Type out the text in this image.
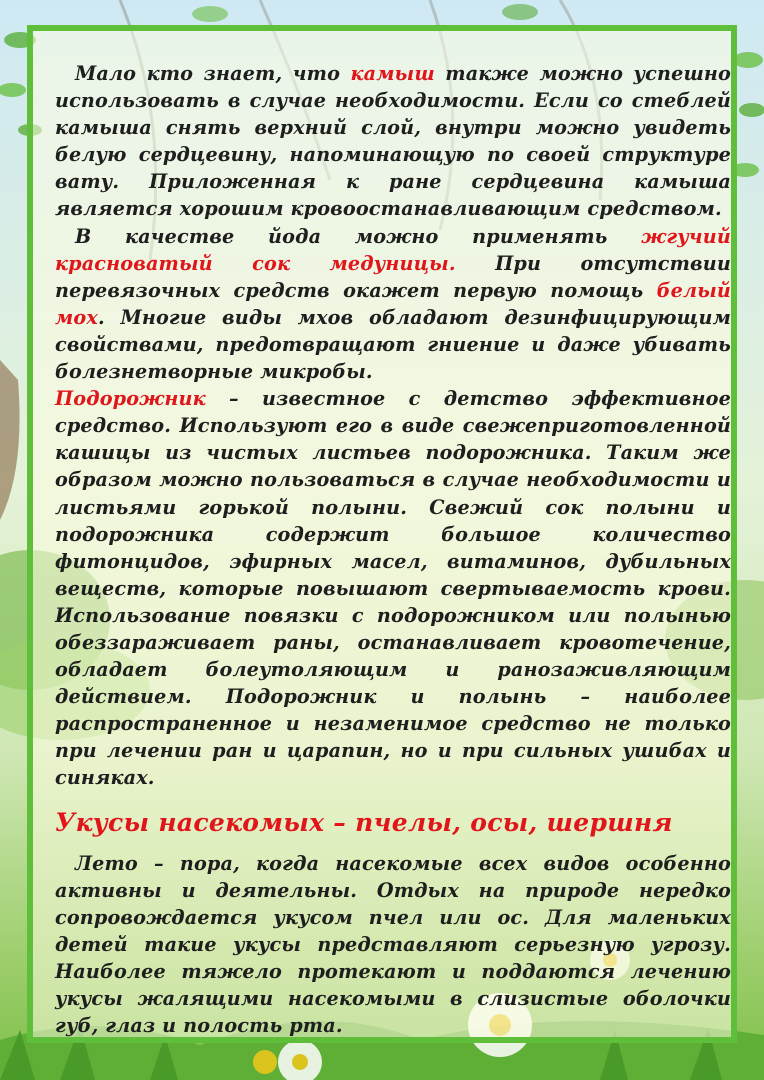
Мало кто знает, что камыш также можно успешно использовать в случае необходимости. Если со стеблей камыша снять верхний слой, внутри можно увидеть белую сердцевину, напоминающую по своей структуре вату. Приложенная к ране сердцевина камыша является хорошим кровоостанавливающим средством.

В качестве йода можно применять жгучий красноватый сок медуницы. При отсутствии перевязочных средств окажет первую помощь белый мох. Многие виды мхов обладают дезинфицирующим свойствами, предотвращают гниение и даже убивать болезнетворные микробы.

Подорожник – известное с детство эффективное средство. Используют его в виде свежеприготовленной кашицы из чистых листьев подорожника. Таким же образом можно пользоваться в случае необходимости и листьями горькой полыни. Свежий сок полыни и подорожника содержит большое количество фитонцидов, эфирных масел, витаминов, дубильных веществ, которые повышают свертываемость крови. Использование повязки с подорожником или полынью обеззараживает раны, останавливает кровотечение, обладает болеутоляющим и ранозаживляющим действием. Подорожник и полынь – наиболее распространенное и незаменимое средство не только при лечении ран и царапин, но и при сильных ушибах и синяках.

Укусы насекомых – пчелы, осы, шершня

Лето – пора, когда насекомые всех видов особенно активны и деятельны. Отдых на природе нередко сопровождается укусом пчел или ос. Для маленьких детей такие укусы представляют серьезную угрозу. Наиболее тяжело протекают и поддаются лечению укусы жалящими насекомыми в слизистые оболочки губ, глаз и полость рта.
